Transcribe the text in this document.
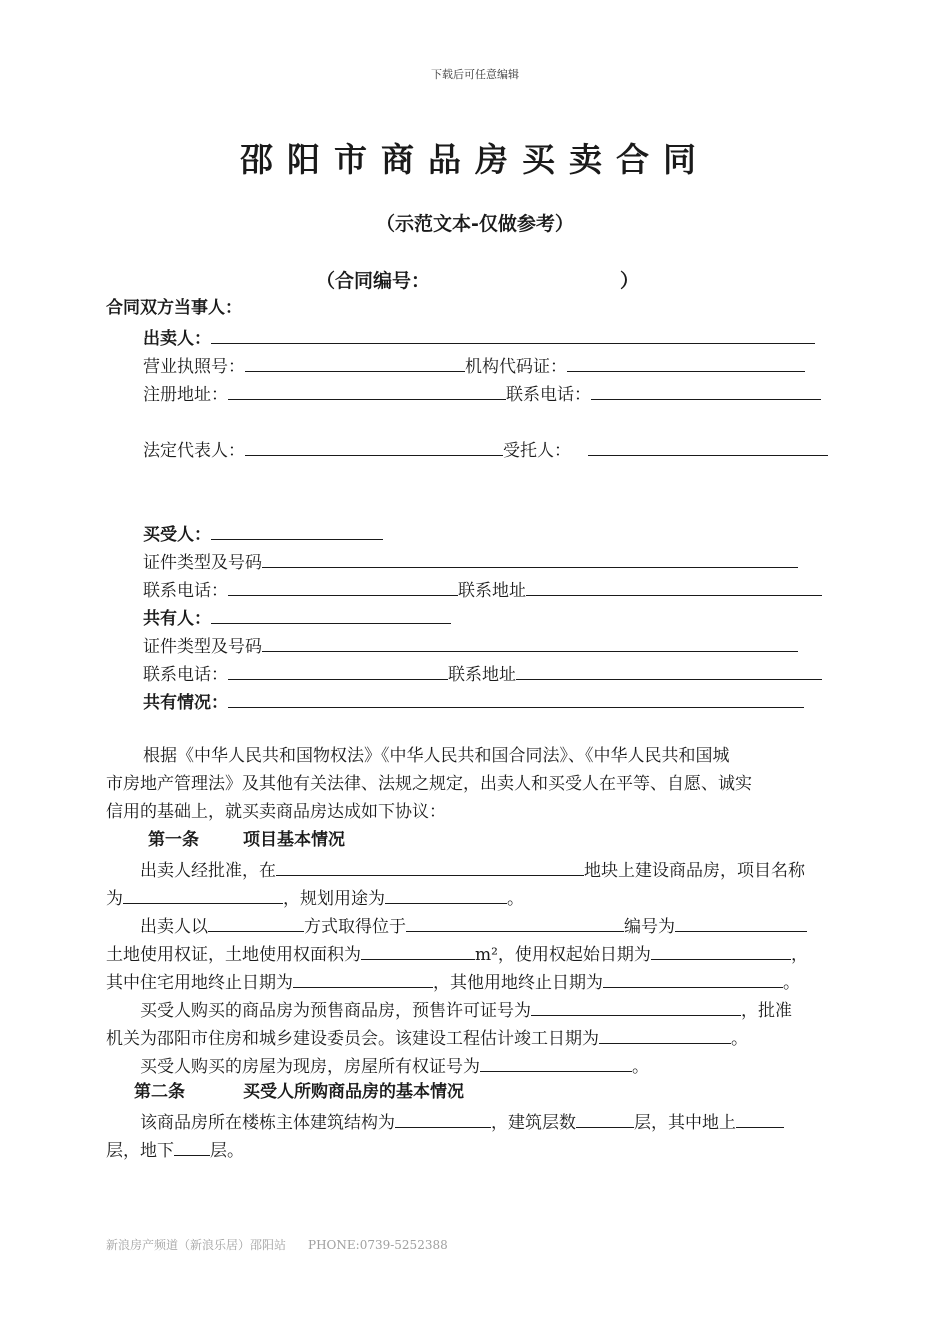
下载后可任意编辑
邵阳市商品房买卖合同
（示范文本-仅做参考）
（合同编号：	）
合同双方当事人：
出卖人：
营业执照号：	机构代码证：
注册地址：	联系电话：
法定代表人：	受托人：
买受人：
证件类型及号码
联系电话：	联系地址
共有人：
证件类型及号码
联系电话：	联系地址
共有情况：
根据《中华人民共和国物权法》《中华人民共和国合同法》、《中华人民共和国城
市房地产管理法》及其他有关法律、法规之规定，出卖人和买受人在平等、自愿、诚实
信用的基础上，就买卖商品房达成如下协议：
第一条	项目基本情况
出卖人经批准，在	地块上建设商品房，项目名称
为	，规划用途为	。
出卖人以	方式取得位于	编号为
土地使用权证，土地使用权面积为	m²，使用权起始日期为	，
其中住宅用地终止日期为	，其他用地终止日期为	。
买受人购买的商品房为预售商品房，预售许可证号为	，批准
机关为邵阳市住房和城乡建设委员会。该建设工程估计竣工日期为	。
买受人购买的房屋为现房，房屋所有权证号为	。
第二条	买受人所购商品房的基本情况
该商品房所在楼栋主体建筑结构为	，建筑层数	层，其中地上
层，地下 层。
新浪房产频道（新浪乐居）邵阳站 PHONE:0739-5252388
